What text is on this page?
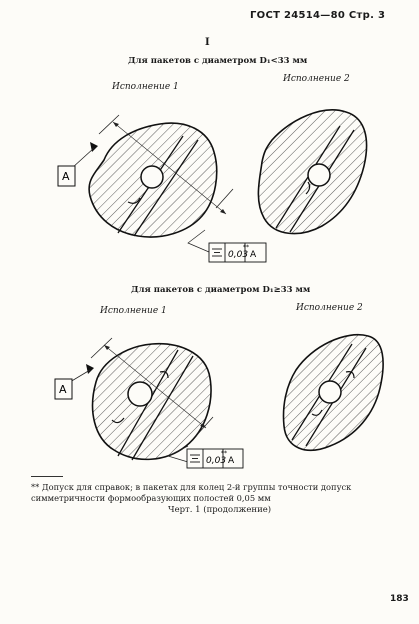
ГОСТ 24514—80 Стр. 3
I
Для пакетов с диаметром D₁<33 мм
Исполнение 1
Исполнение 2
Для пакетов с диаметром D₁≥33 мм
Исполнение 1	Исполнение 2
A
0,03
**
A
A
0,03
**
A
** Допуск для справок; в пакетах для колец 2-й группы точности допуск симметричности формообразующих полостей 0,05 мм
Черт. 1 (продолжение)
183
